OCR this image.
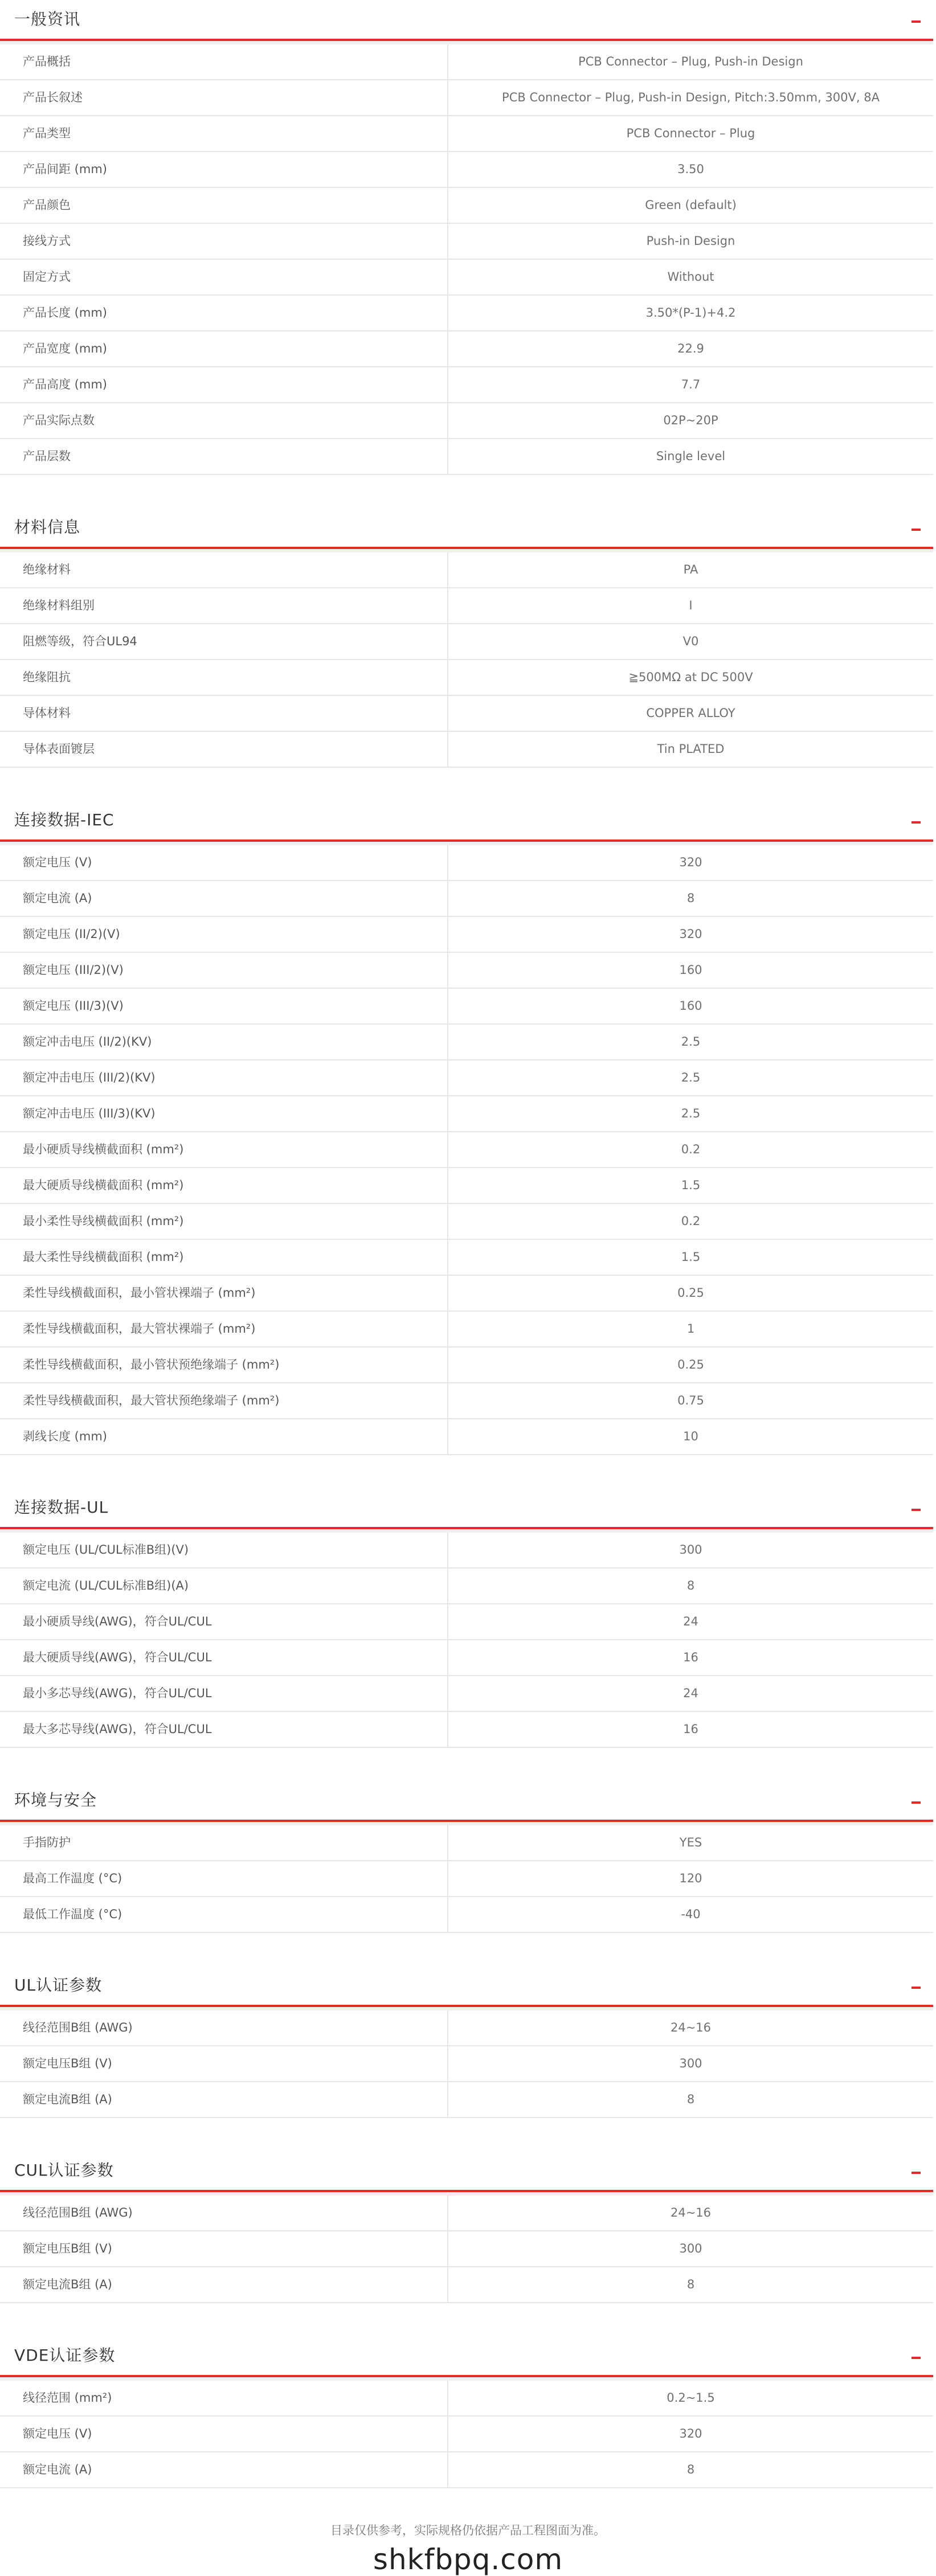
一般资讯
产品概括	PCB Connector – Plug, Push-in Design
产品长叙述	PCB Connector – Plug, Push-in Design, Pitch:3.50mm, 300V, 8A
产品类型	PCB Connector – Plug
产品间距 (mm)	3.50
产品颜色	Green (default)
接线方式	Push-in Design
固定方式	Without
产品长度 (mm)	3.50*(P-1)+4.2
产品宽度 (mm)	22.9
产品高度 (mm)	7.7
产品实际点数	02P~20P
产品层数	Single level
材料信息
绝缘材料	PA
绝缘材料组别	I
阻燃等级，符合UL94	V0
绝缘阻抗	≧500MΩ at DC 500V
导体材料	COPPER ALLOY
导体表面镀层	Tin PLATED
连接数据-IEC
额定电压 (V)	320
额定电流 (A)	8
额定电压 (II/2)(V)	320
额定电压 (III/2)(V)	160
额定电压 (III/3)(V)	160
额定冲击电压 (II/2)(KV)	2.5
额定冲击电压 (III/2)(KV)	2.5
额定冲击电压 (III/3)(KV)	2.5
最小硬质导线横截面积 (mm²)	0.2
最大硬质导线横截面积 (mm²)	1.5
最小柔性导线横截面积 (mm²)	0.2
最大柔性导线横截面积 (mm²)	1.5
柔性导线横截面积，最小管状裸端子 (mm²)	0.25
柔性导线横截面积，最大管状裸端子 (mm²)	1
柔性导线横截面积，最小管状预绝缘端子 (mm²)	0.25
柔性导线横截面积，最大管状预绝缘端子 (mm²)	0.75
剥线长度 (mm)	10
连接数据-UL
额定电压 (UL/CUL标准B组)(V)	300
额定电流 (UL/CUL标准B组)(A)	8
最小硬质导线(AWG)，符合UL/CUL	24
最大硬质导线(AWG)，符合UL/CUL	16
最小多芯导线(AWG)，符合UL/CUL	24
最大多芯导线(AWG)，符合UL/CUL	16
环境与安全
手指防护	YES
最高工作温度 (°C)	120
最低工作温度 (°C)	-40
UL认证参数
线径范围B组 (AWG)	24~16
额定电压B组 (V)	300
额定电流B组 (A)	8
CUL认证参数
线径范围B组 (AWG)	24~16
额定电压B组 (V)	300
额定电流B组 (A)	8
VDE认证参数
线径范围 (mm²)	0.2~1.5
额定电压 (V)	320
额定电流 (A)	8
目录仅供参考，实际规格仍依据产品工程图面为准。
shkfbpq.com
